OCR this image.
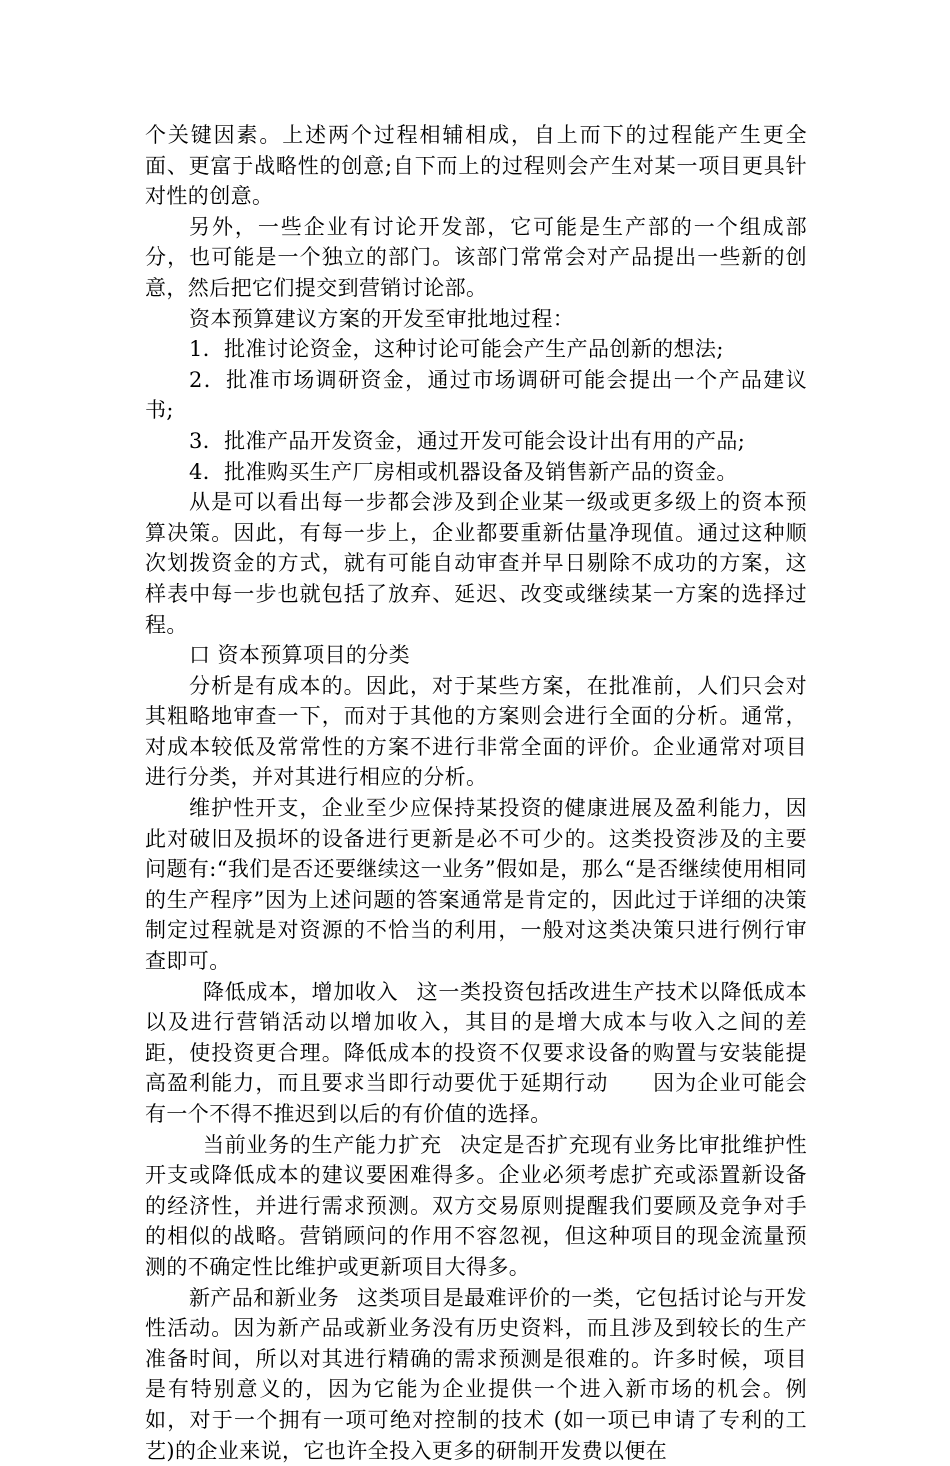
个关键因素。上述两个过程相辅相成，自上而下的过程能产生更全面、更富于战略性的创意;自下而上的过程则会产生对某一项目更具针对性的创意。

另外，一些企业有讨论开发部，它可能是生产部的一个组成部分，也可能是一个独立的部门。该部门常常会对产品提出一些新的创意，然后把它们提交到营销讨论部。

资本预算建议方案的开发至审批地过程：

1．批准讨论资金，这种讨论可能会产生产品创新的想法;

2．批准市场调研资金，通过市场调研可能会提出一个产品建议书;

3．批准产品开发资金，通过开发可能会设计出有用的产品;

4．批准购买生产厂房相或机器设备及销售新产品的资金。

从是可以看出每一步都会涉及到企业某一级或更多级上的资本预算决策。因此，有每一步上，企业都要重新估量净现值。通过这种顺次划拨资金的方式，就有可能自动审查并早日剔除不成功的方案，这样表中每一步也就包括了放弃、延迟、改变或继续某一方案的选择过程。

口 资本预算项目的分类

分析是有成本的。因此，对于某些方案，在批准前，人们只会对其粗略地审查一下，而对于其他的方案则会进行全面的分析。通常，对成本较低及常常性的方案不进行非常全面的评价。企业通常对项目进行分类，并对其进行相应的分析。

维护性开支，企业至少应保持某投资的健康进展及盈利能力，因此对破旧及损坏的设备进行更新是必不可少的。这类投资涉及的主要问题有:“我们是否还要继续这一业务”假如是，那么“是否继续使用相同的生产程序”因为上述问题的答案通常是肯定的，因此过于详细的决策制定过程就是对资源的不恰当的利用，一般对这类决策只进行例行审查即可。

降低成本，增加收入 这一类投资包括改进生产技术以降低成本以及进行营销活动以增加收入，其目的是增大成本与收入之间的差距，使投资更合理。降低成本的投资不仅要求设备的购置与安装能提高盈利能力，而且要求当即行动要优于延期行动 因为企业可能会有一个不得不推迟到以后的有价值的选择。

当前业务的生产能力扩充 决定是否扩充现有业务比审批维护性开支或降低成本的建议要困难得多。企业必须考虑扩充或添置新设备的经济性，并进行需求预测。双方交易原则提醒我们要顾及竞争对手的相似的战略。营销顾问的作用不容忽视，但这种项目的现金流量预测的不确定性比维护或更新项目大得多。

新产品和新业务 这类项目是最难评价的一类，它包括讨论与开发性活动。因为新产品或新业务没有历史资料，而且涉及到较长的生产准备时间，所以对其进行精确的需求预测是很难的。许多时候，项目是有特别意义的，因为它能为企业提供一个进入新市场的机会。例如，对于一个拥有一项可绝对控制的技术 (如一项已申请了专利的工艺)的企业来说，它也许全投入更多的研制开发费以便在
